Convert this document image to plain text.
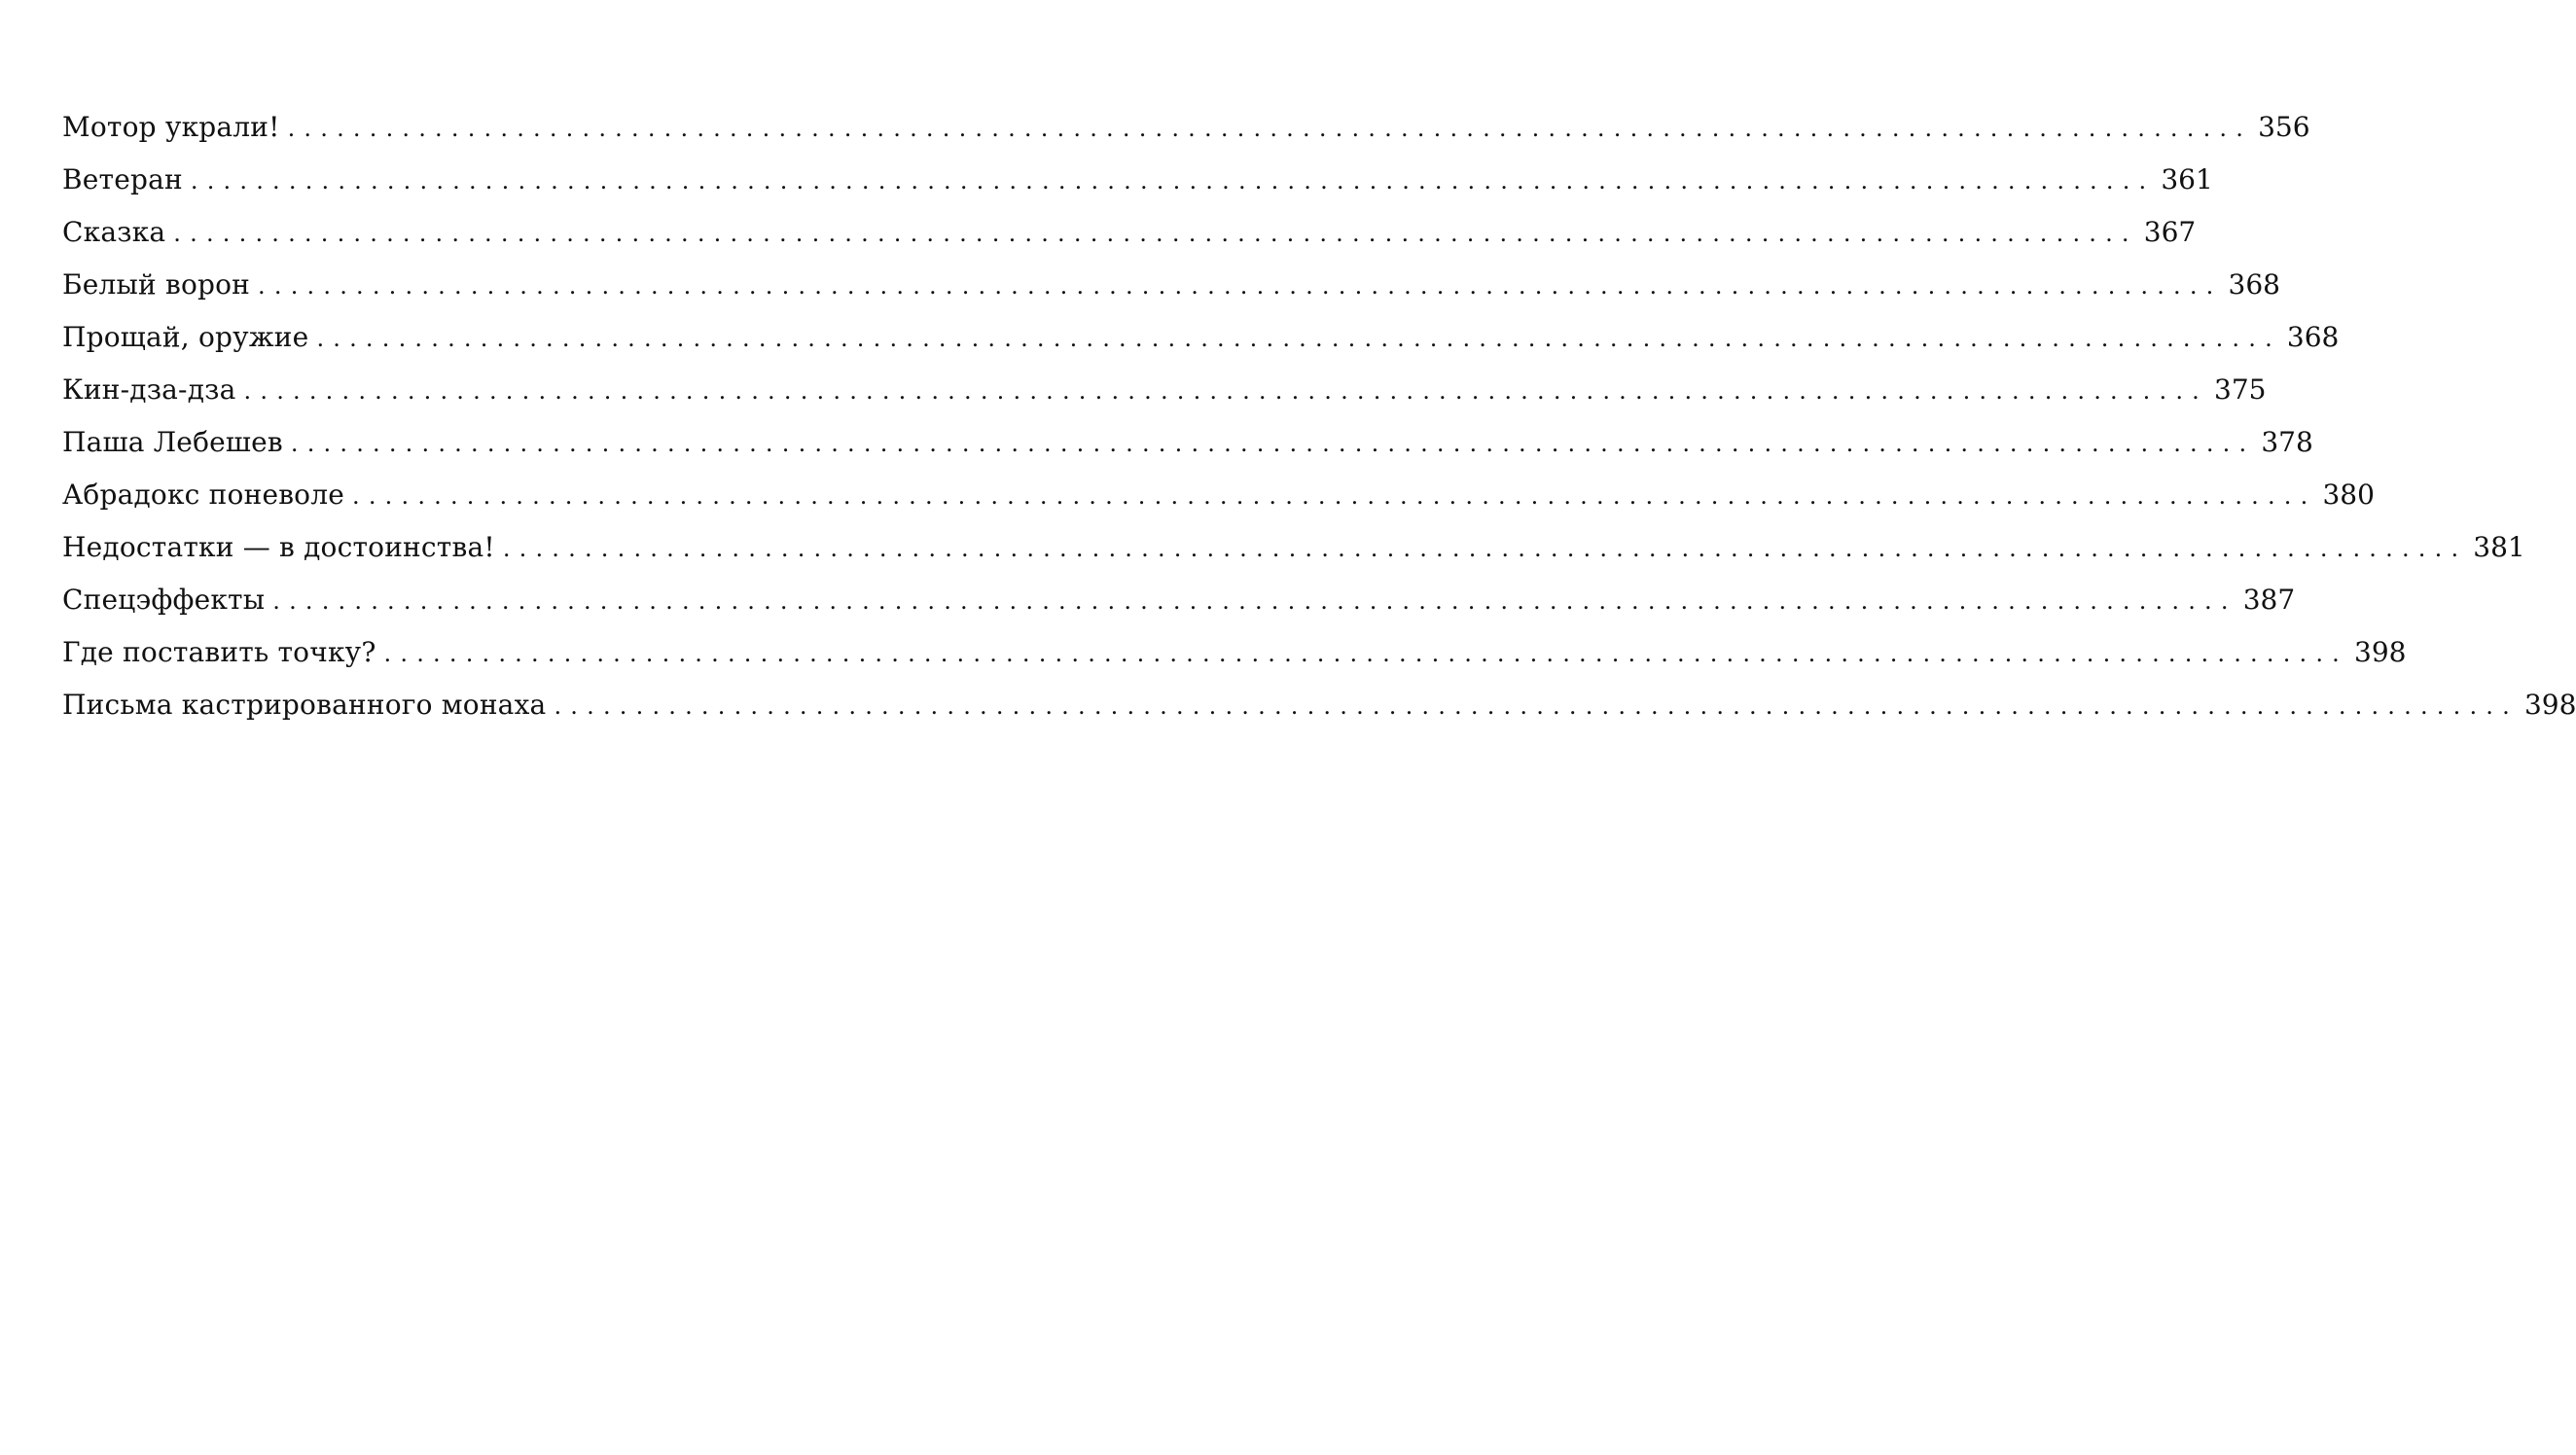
Мотор украли! ........................................................................................................................ 356
Ветеран ........................................................................................................................ 361
Сказка ........................................................................................................................ 367
Белый ворон ........................................................................................................................ 368
Прощай, оружие ........................................................................................................................ 368
Кин-дза-дза ........................................................................................................................ 375
Паша Лебешев ........................................................................................................................ 378
Абрадокс поневоле ........................................................................................................................ 380
Недостатки — в достоинства! ........................................................................................................................ 381
Спецэффекты ........................................................................................................................ 387
Где поставить точку? ........................................................................................................................ 398
Письма кастрированного монаха ........................................................................................................................ 398
